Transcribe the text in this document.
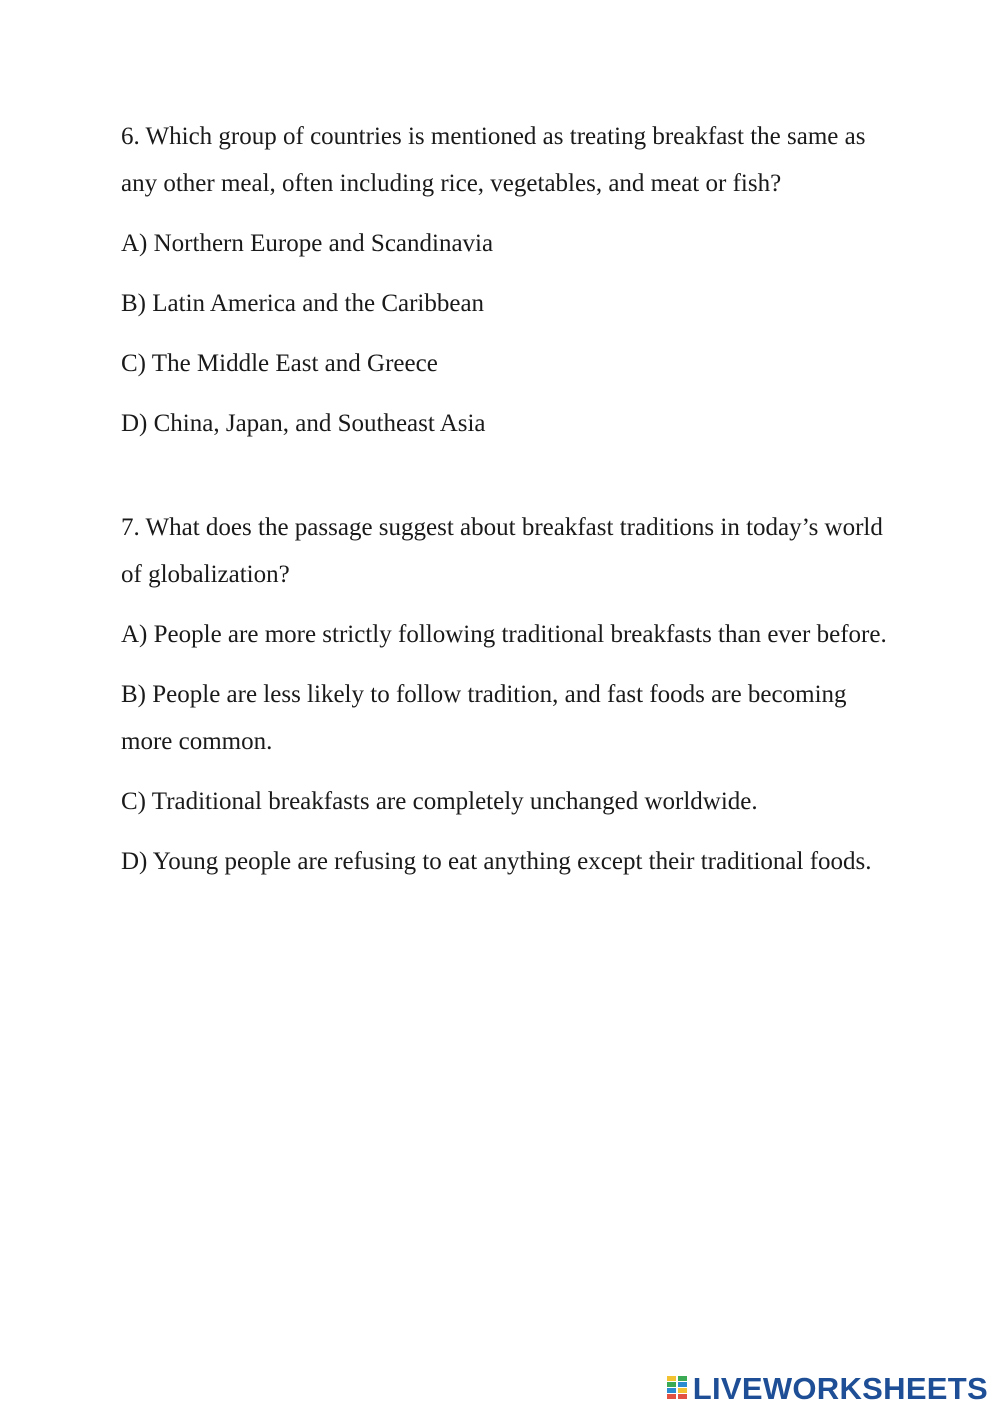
6. Which group of countries is mentioned as treating breakfast the same as any other meal, often including rice, vegetables, and meat or fish?

A) Northern Europe and Scandinavia

B) Latin America and the Caribbean

C) The Middle East and Greece

D) China, Japan, and Southeast Asia

7. What does the passage suggest about breakfast traditions in today’s world of globalization?

A) People are more strictly following traditional breakfasts than ever before.

B) People are less likely to follow tradition, and fast foods are becoming more common.

C) Traditional breakfasts are completely unchanged worldwide.

D) Young people are refusing to eat anything except their traditional foods.

LIVEWORKSHEETS
